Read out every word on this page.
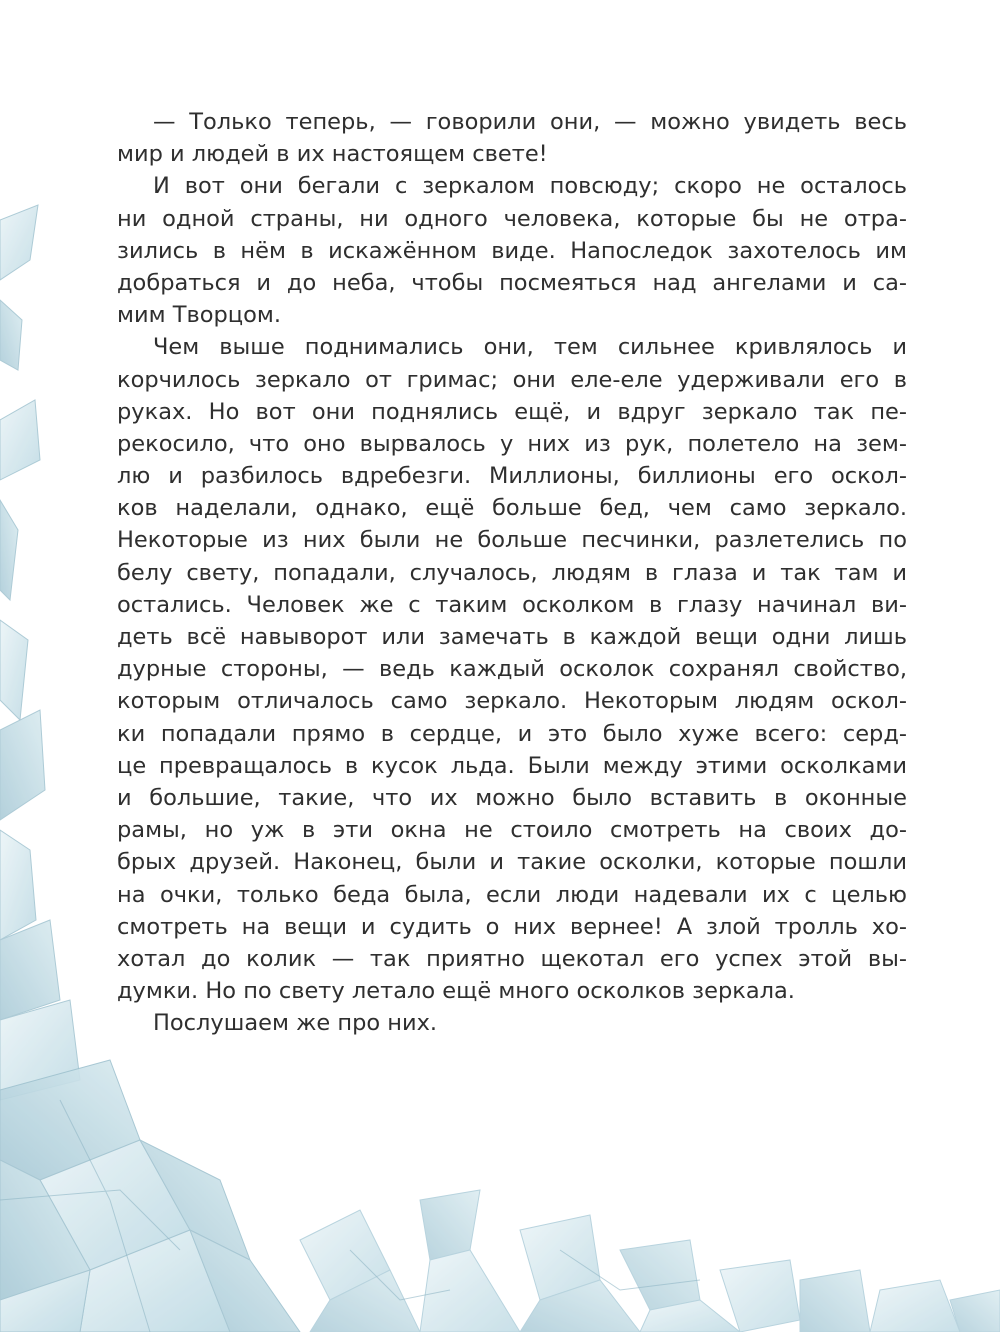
— Только теперь, — говорили они, — можно увидеть весь
мир и людей в их настоящем свете!
И вот они бегали с зеркалом повсюду; скоро не осталось
ни одной страны, ни одного человека, которые бы не отра-
зились в нём в искажённом виде. Напоследок захотелось им
добраться и до неба, чтобы посмеяться над ангелами и са-
мим Творцом.
Чем выше поднимались они, тем сильнее кривлялось и
корчилось зеркало от гримас; они еле-еле удерживали его в
руках. Но вот они поднялись ещё, и вдруг зеркало так пе-
рекосило, что оно вырвалось у них из рук, полетело на зем-
лю и разбилось вдребезги. Миллионы, биллионы его оскол-
ков наделали, однако, ещё больше бед, чем само зеркало.
Некоторые из них были не больше песчинки, разлетелись по
белу свету, попадали, случалось, людям в глаза и так там и
остались. Человек же с таким осколком в глазу начинал ви-
деть всё навыворот или замечать в каждой вещи одни лишь
дурные стороны, — ведь каждый осколок сохранял свойство,
которым отличалось само зеркало. Некоторым людям оскол-
ки попадали прямо в сердце, и это было хуже всего: серд-
це превращалось в кусок льда. Были между этими осколками
и большие, такие, что их можно было вставить в оконные
рамы, но уж в эти окна не стоило смотреть на своих до-
брых друзей. Наконец, были и такие осколки, которые пошли
на очки, только беда была, если люди надевали их с целью
смотреть на вещи и судить о них вернее! А злой тролль хо-
хотал до колик — так приятно щекотал его успех этой вы-
думки. Но по свету летало ещё много осколков зеркала.
Послушаем же про них.
